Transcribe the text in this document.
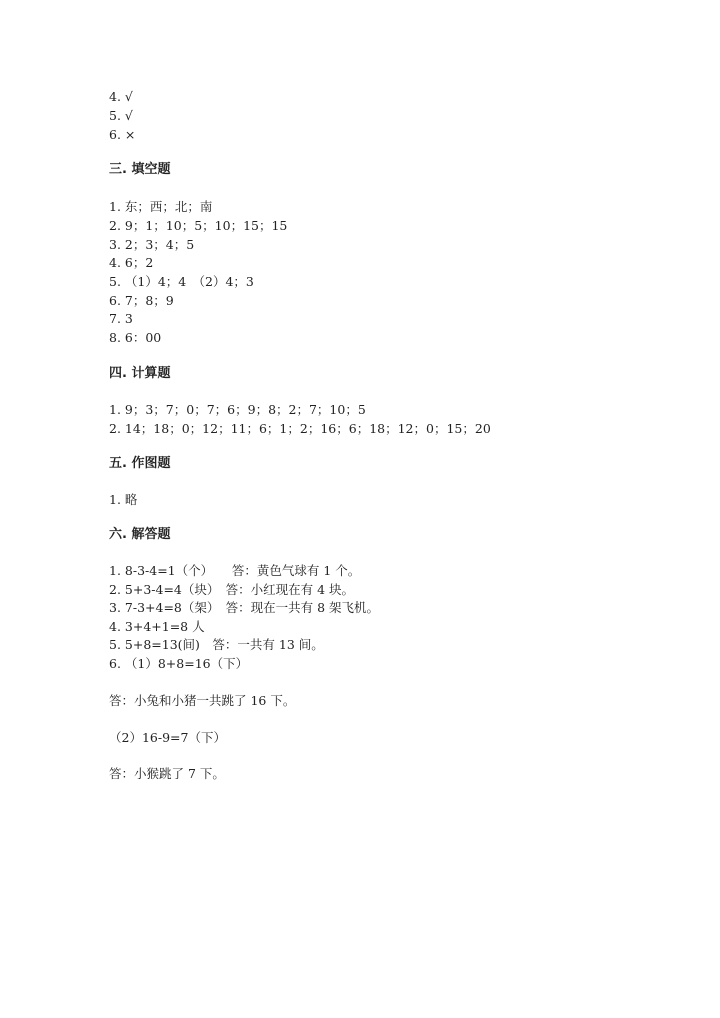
4. √
5. √
6. ×
三. 填空题
1. 东；西；北；南
2. 9；1；10；5；10；15；15
3. 2；3；4；5
4. 6；2
5. （1）4；4　（2）4；3
6. 7；8；9
7. 3
8. 6：00
四. 计算题
1. 9；3；7；0；7；6；9；8；2；7；10；5
2. 14；18；0；12；11；6；1；2；16；6；18；12；0；15；20
五. 作图题
1. 略
六. 解答题
1. 8-3-4=1（个）　　答：黄色气球有 1 个。
2. 5+3-4=4（块）　答：小红现在有 4 块。
3. 7-3+4=8（架）　答：现在一共有 8 架飞机。
4. 3+4+1=8 人
5. 5+8=13(间)　答：一共有 13 间。
6. （1）8+8=16（下）
答：小兔和小猪一共跳了 16 下。
（2）16-9=7（下）
答：小猴跳了 7 下。
